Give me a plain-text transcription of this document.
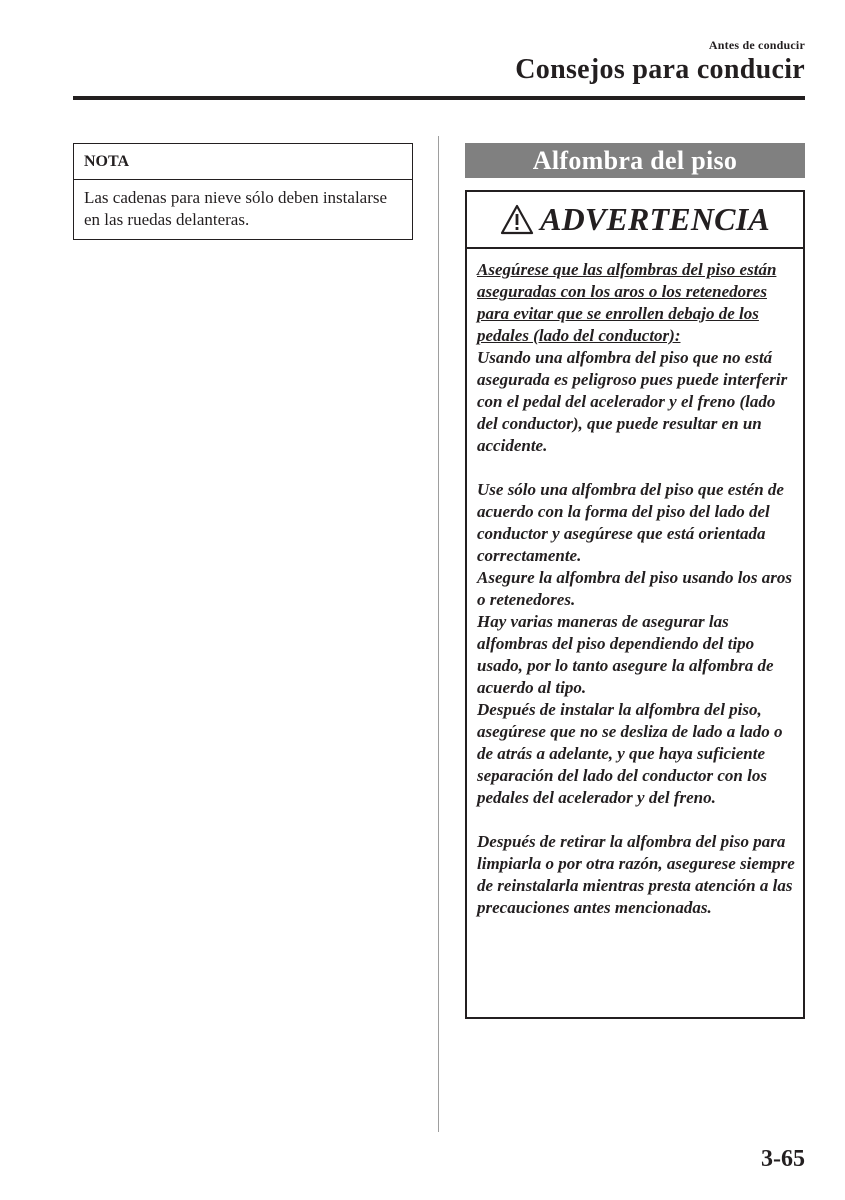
Antes de conducir
Consejos para conducir
NOTA
Las cadenas para nieve sólo deben instalarse en las ruedas delanteras.
Alfombra del piso
ADVERTENCIA

Asegúrese que las alfombras del piso están aseguradas con los aros o los retenedores para evitar que se enrollen debajo de los pedales (lado del conductor):

Usando una alfombra del piso que no está asegurada es peligroso pues puede interferir con el pedal del acelerador y el freno (lado del conductor), que puede resultar en un accidente.

Use sólo una alfombra del piso que estén de acuerdo con la forma del piso del lado del conductor y asegúrese que está orientada correctamente.

Asegure la alfombra del piso usando los aros o retenedores.

Hay varias maneras de asegurar las alfombras del piso dependiendo del tipo usado, por lo tanto asegure la alfombra de acuerdo al tipo.

Después de instalar la alfombra del piso, asegúrese que no se desliza de lado a lado o de atrás a adelante, y que haya suficiente separación del lado del conductor con los pedales del acelerador y del freno.

Después de retirar la alfombra del piso para limpiarla o por otra razón, asegurese siempre de reinstalarla mientras presta atención a las precauciones antes mencionadas.

3-65
